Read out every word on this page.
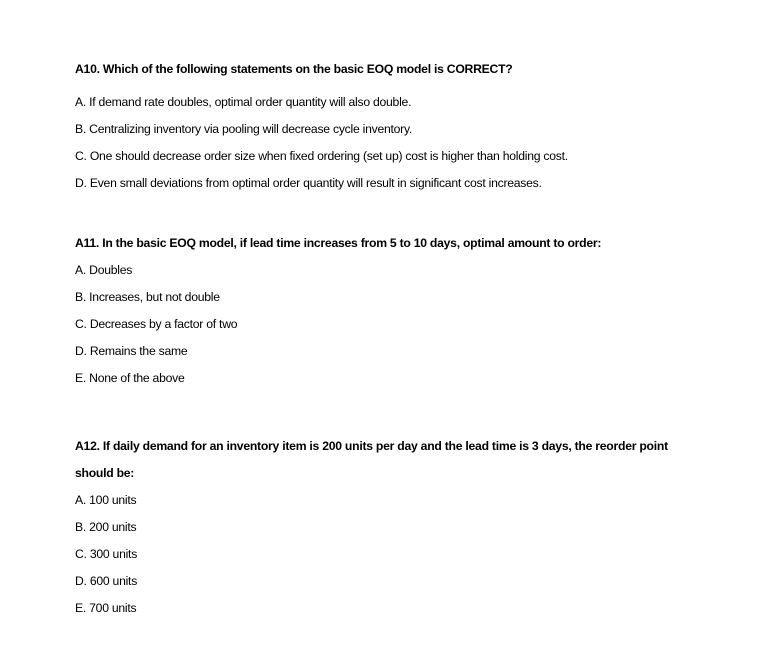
A10. Which of the following statements on the basic EOQ model is CORRECT?
A. If demand rate doubles, optimal order quantity will also double.
B. Centralizing inventory via pooling will decrease cycle inventory.
C. One should decrease order size when fixed ordering (set up) cost is higher than holding cost.
D. Even small deviations from optimal order quantity will result in significant cost increases.
A11. In the basic EOQ model, if lead time increases from 5 to 10 days, optimal amount to order:
A. Doubles
B. Increases, but not double
C. Decreases by a factor of two
D. Remains the same
E. None of the above
A12. If daily demand for an inventory item is 200 units per day and the lead time is 3 days, the reorder point should be:
A. 100 units
B. 200 units
C. 300 units
D. 600 units
E. 700 units
